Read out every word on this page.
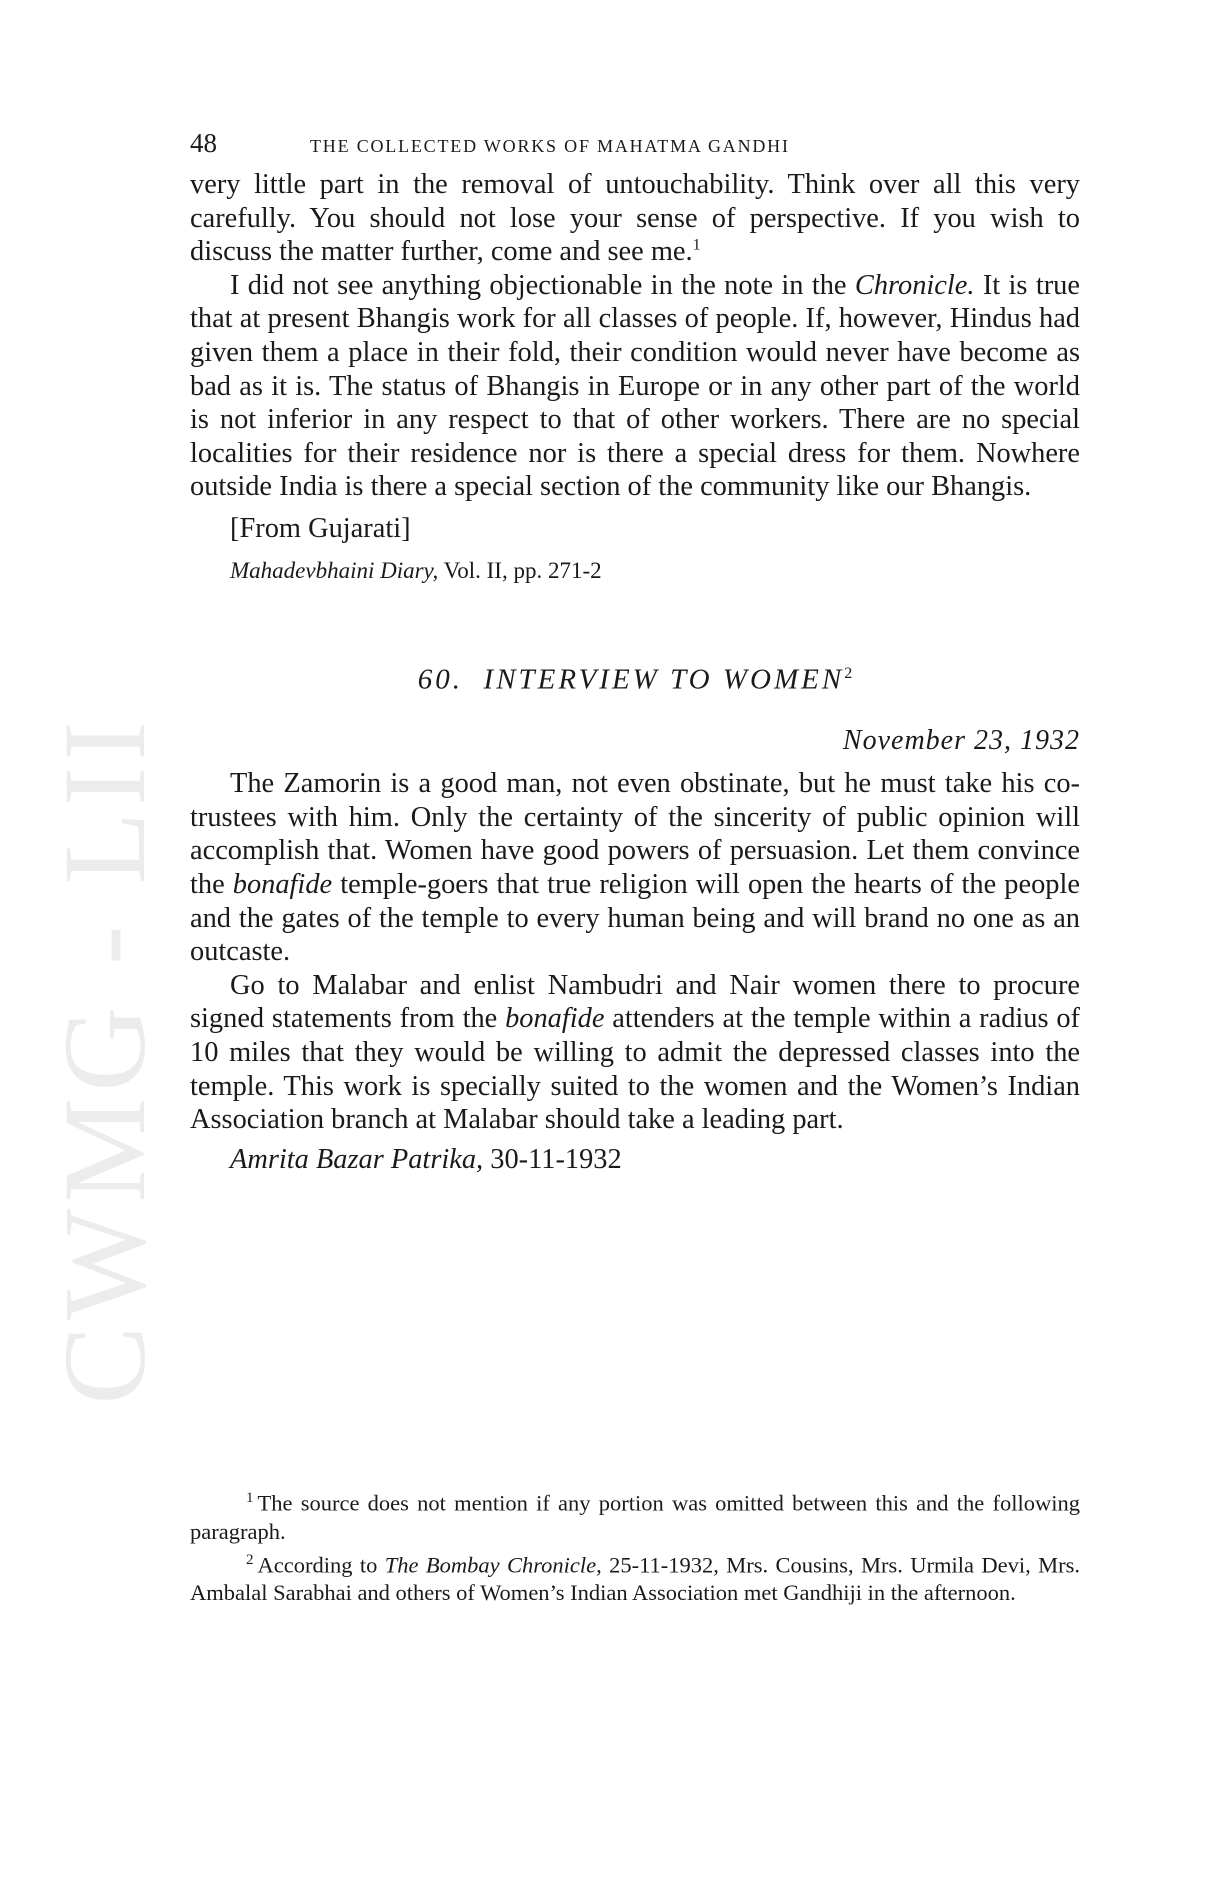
CWMG - LII
48	THE COLLECTED WORKS OF MAHATMA GANDHI

very little part in the removal of untouchability. Think over all this very carefully. You should not lose your sense of perspective. If you wish to discuss the matter further, come and see me.$^1$

I did not see anything objectionable in the note in the Chronicle. It is true that at present Bhangis work for all classes of people. If, however, Hindus had given them a place in their fold, their condition would never have become as bad as it is. The status of Bhangis in Europe or in any other part of the world is not inferior in any respect to that of other workers. There are no special localities for their residence nor is there a special dress for them. Nowhere outside India is there a special section of the community like our Bhangis.

[From Gujarati]
Mahadevbhaini Diary, Vol. II, pp. 271-2
60. INTERVIEW TO WOMEN$^2$
November 23, 1932

The Zamorin is a good man, not even obstinate, but he must take his co-trustees with him. Only the certainty of the sincerity of public opinion will accomplish that. Women have good powers of persuasion. Let them convince the bonafide temple-goers that true religion will open the hearts of the people and the gates of the temple to every human being and will brand no one as an outcaste.

Go to Malabar and enlist Nambudri and Nair women there to procure signed statements from the bonafide attenders at the temple within a radius of 10 miles that they would be willing to admit the depressed classes into the temple. This work is specially suited to the women and the Women’s Indian Association branch at Malabar should take a leading part.

Amrita Bazar Patrika, 30-11-1932

$^1$ The source does not mention if any portion was omitted between this and the following paragraph.

$^2$ According to The Bombay Chronicle, 25-11-1932, Mrs. Cousins, Mrs. Urmila Devi, Mrs. Ambalal Sarabhai and others of Women’s Indian Association met Gandhiji in the afternoon.
